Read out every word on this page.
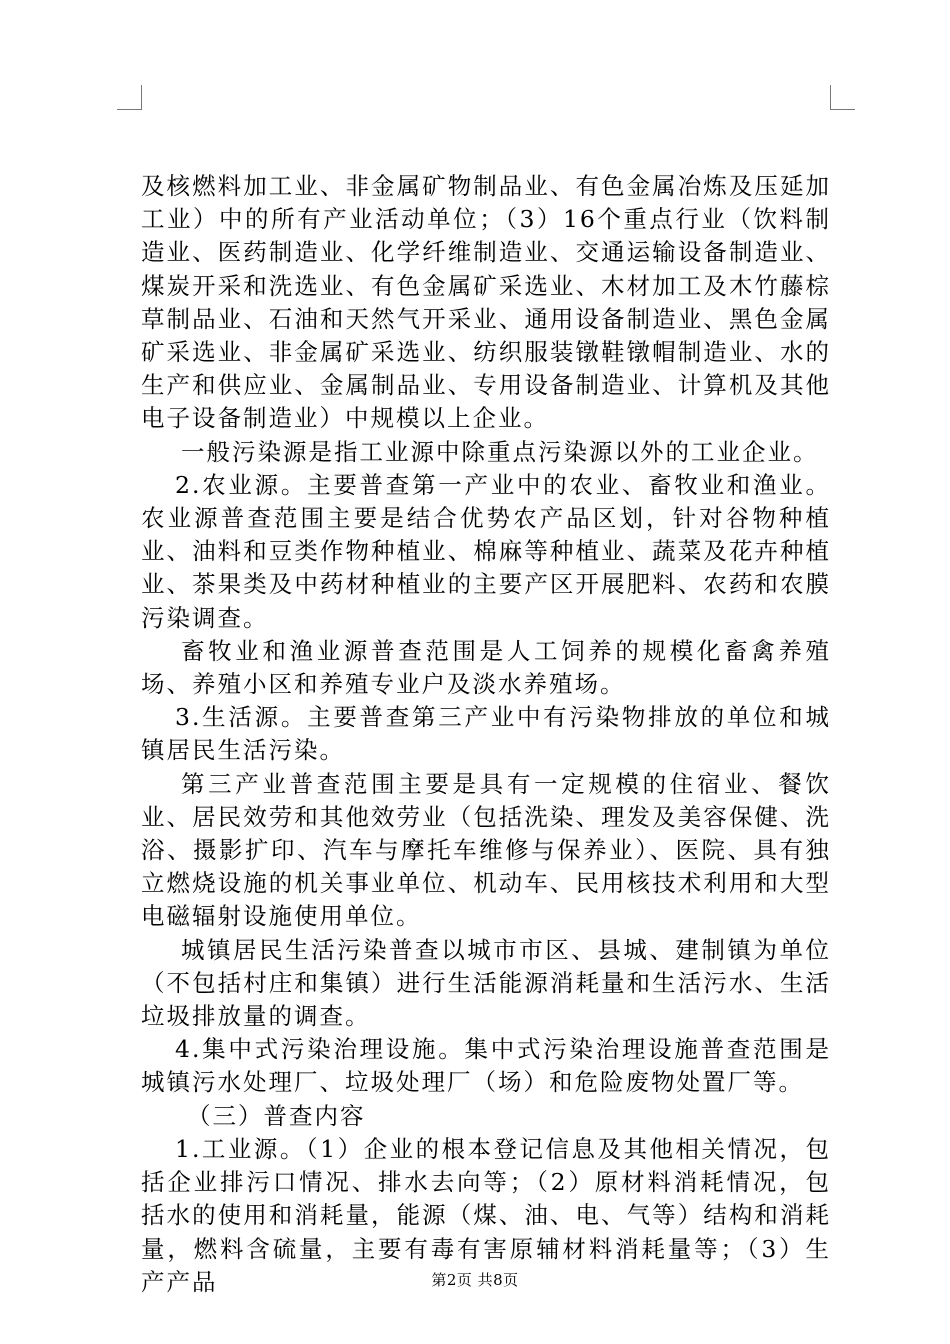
及核燃料加工业、非金属矿物制品业、有色金属冶炼及压延加工业）中的所有产业活动单位；（3）16个重点行业（饮料制造业、医药制造业、化学纤维制造业、交通运输设备制造业、煤炭开采和洗选业、有色金属矿采选业、木材加工及木竹藤棕草制品业、石油和天然气开采业、通用设备制造业、黑色金属矿采选业、非金属矿采选业、纺织服装镦鞋镦帽制造业、水的生产和供应业、金属制品业、专用设备制造业、计算机及其他电子设备制造业）中规模以上企业。

一般污染源是指工业源中除重点污染源以外的工业企业。

2.农业源。主要普查第一产业中的农业、畜牧业和渔业。农业源普查范围主要是结合优势农产品区划，针对谷物种植业、油料和豆类作物种植业、棉麻等种植业、蔬菜及花卉种植业、茶果类及中药材种植业的主要产区开展肥料、农药和农膜污染调查。

畜牧业和渔业源普查范围是人工饲养的规模化畜禽养殖场、养殖小区和养殖专业户及淡水养殖场。

3.生活源。主要普查第三产业中有污染物排放的单位和城镇居民生活污染。

第三产业普查范围主要是具有一定规模的住宿业、餐饮业、居民效劳和其他效劳业（包括洗染、理发及美容保健、洗浴、摄影扩印、汽车与摩托车维修与保养业）、医院、具有独立燃烧设施的机关事业单位、机动车、民用核技术利用和大型电磁辐射设施使用单位。

城镇居民生活污染普查以城市市区、县城、建制镇为单位（不包括村庄和集镇）进行生活能源消耗量和生活污水、生活垃圾排放量的调查。

4.集中式污染治理设施。集中式污染治理设施普查范围是城镇污水处理厂、垃圾处理厂（场）和危险废物处置厂等。

（三）普查内容

1.工业源。（1）企业的根本登记信息及其他相关情况，包括企业排污口情况、排水去向等；（2）原材料消耗情况，包括水的使用和消耗量，能源（煤、油、电、气等）结构和消耗量，燃料含硫量，主要有毒有害原辅材料消耗量等；（3）生产产品	第2页 共8页
